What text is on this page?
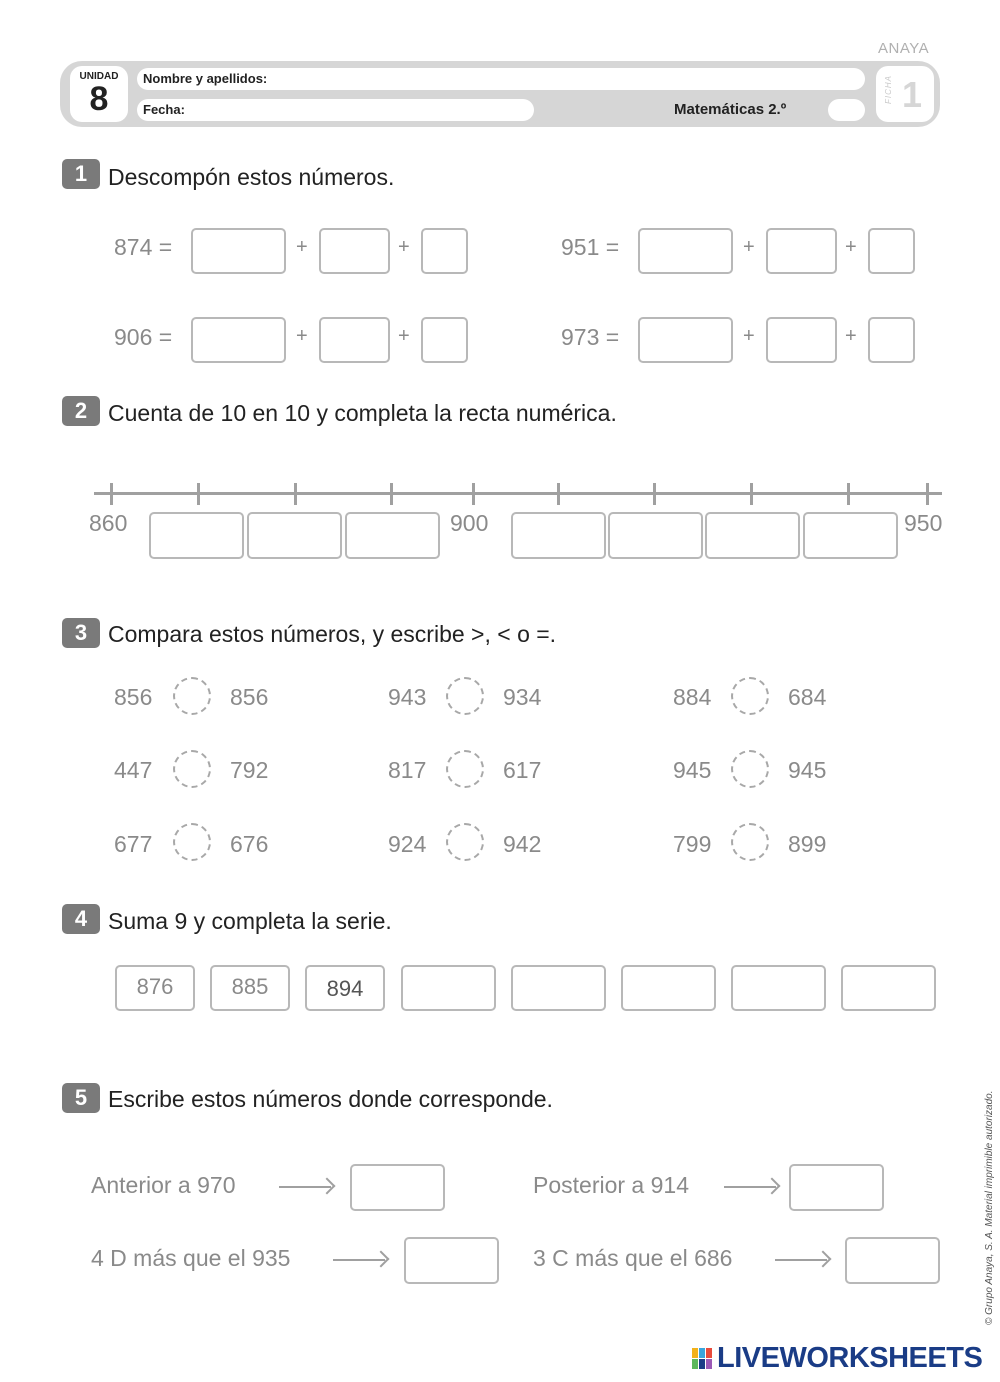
ANAYA
UNIDAD
8
Nombre y apellidos:
Fecha:	Matemáticas 2.º
FICHA 1
1 Descompón estos números.
874 =	+	+	951 =	+	+
906 =	+	+	973 =	+	+
2 Cuenta de 10 en 10 y completa la recta numérica.
860	900	950
3 Compara estos números, y escribe >, < o =.
856	856	943	934	884	684
447	792	817	617	945	945
677	676	924	942	799	899
4 Suma 9 y completa la serie.
876	885	894
5 Escribe estos números donde corresponde.
Anterior a 970	Posterior a 914
4 D más que el 935	3 C más que el 686	© Grupo Anaya, S. A. Material imprimible autorizado.
LIVEWORKSHEETS
